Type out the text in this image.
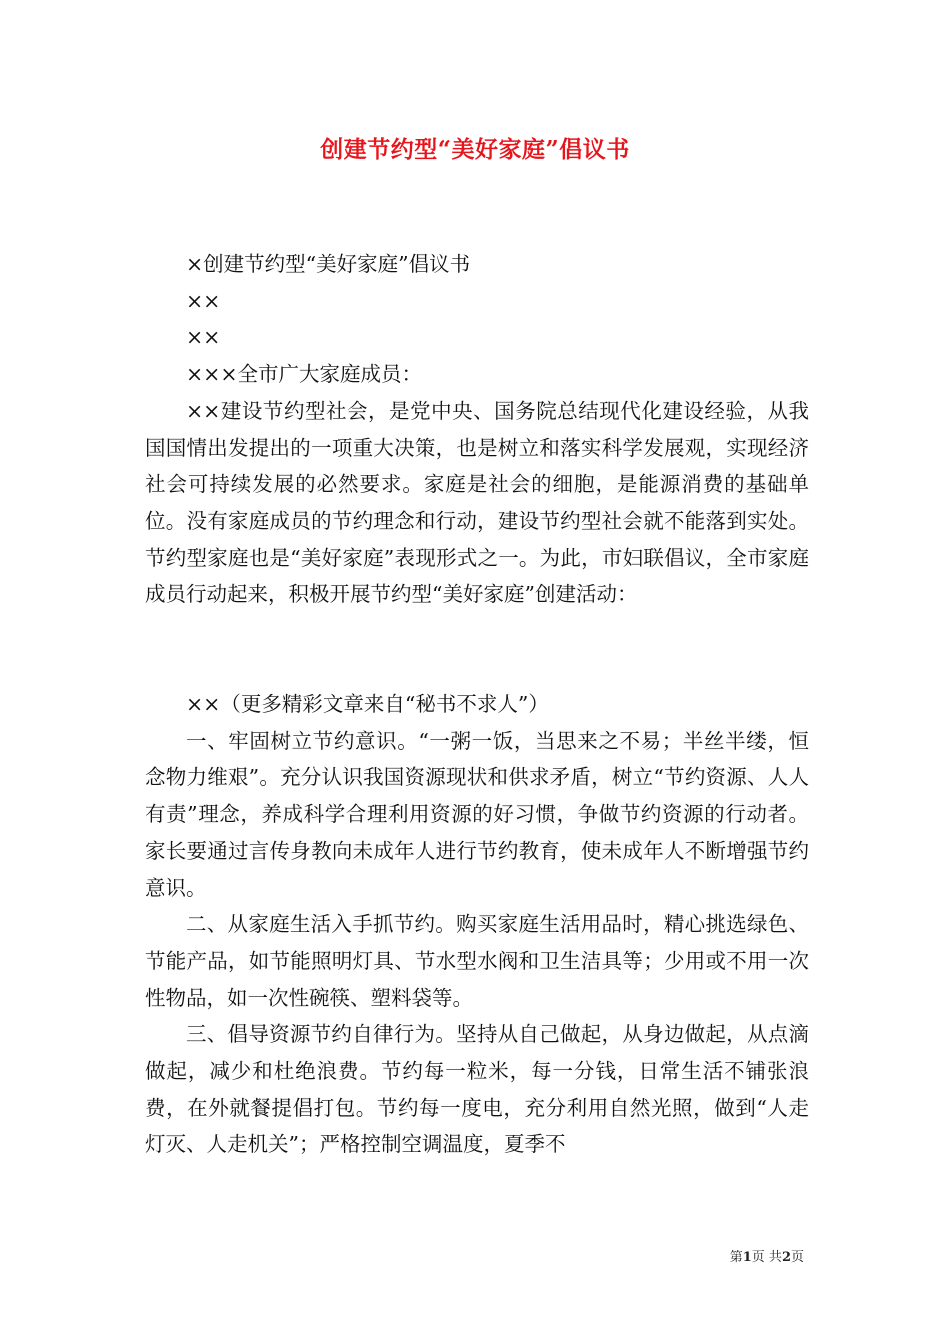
创建节约型“美好家庭”倡议书

×创建节约型“美好家庭”倡议书

××

××

×××全市广大家庭成员：

××建设节约型社会，是党中央、国务院总结现代化建设经验，从我国国情出发提出的一项重大决策，也是树立和落实科学发展观，实现经济社会可持续发展的必然要求。家庭是社会的细胞，是能源消费的基础单位。没有家庭成员的节约理念和行动，建设节约型社会就不能落到实处。节约型家庭也是“美好家庭”表现形式之一。为此，市妇联倡议，全市家庭成员行动起来，积极开展节约型“美好家庭”创建活动：

××（更多精彩文章来自“秘书不求人”）

一、牢固树立节约意识。“一粥一饭，当思来之不易；半丝半缕，恒念物力维艰”。充分认识我国资源现状和供求矛盾，树立“节约资源、人人有责”理念，养成科学合理利用资源的好习惯，争做节约资源的行动者。家长要通过言传身教向未成年人进行节约教育，使未成年人不断增强节约意识。

二、从家庭生活入手抓节约。购买家庭生活用品时，精心挑选绿色、节能产品，如节能照明灯具、节水型水阀和卫生洁具等；少用或不用一次性物品，如一次性碗筷、塑料袋等。

三、倡导资源节约自律行为。坚持从自己做起，从身边做起，从点滴做起，减少和杜绝浪费。节约每一粒米，每一分钱，日常生活不铺张浪费，在外就餐提倡打包。节约每一度电，充分利用自然光照，做到“人走灯灭、人走机关”；严格控制空调温度，夏季不

第1页 共2页
